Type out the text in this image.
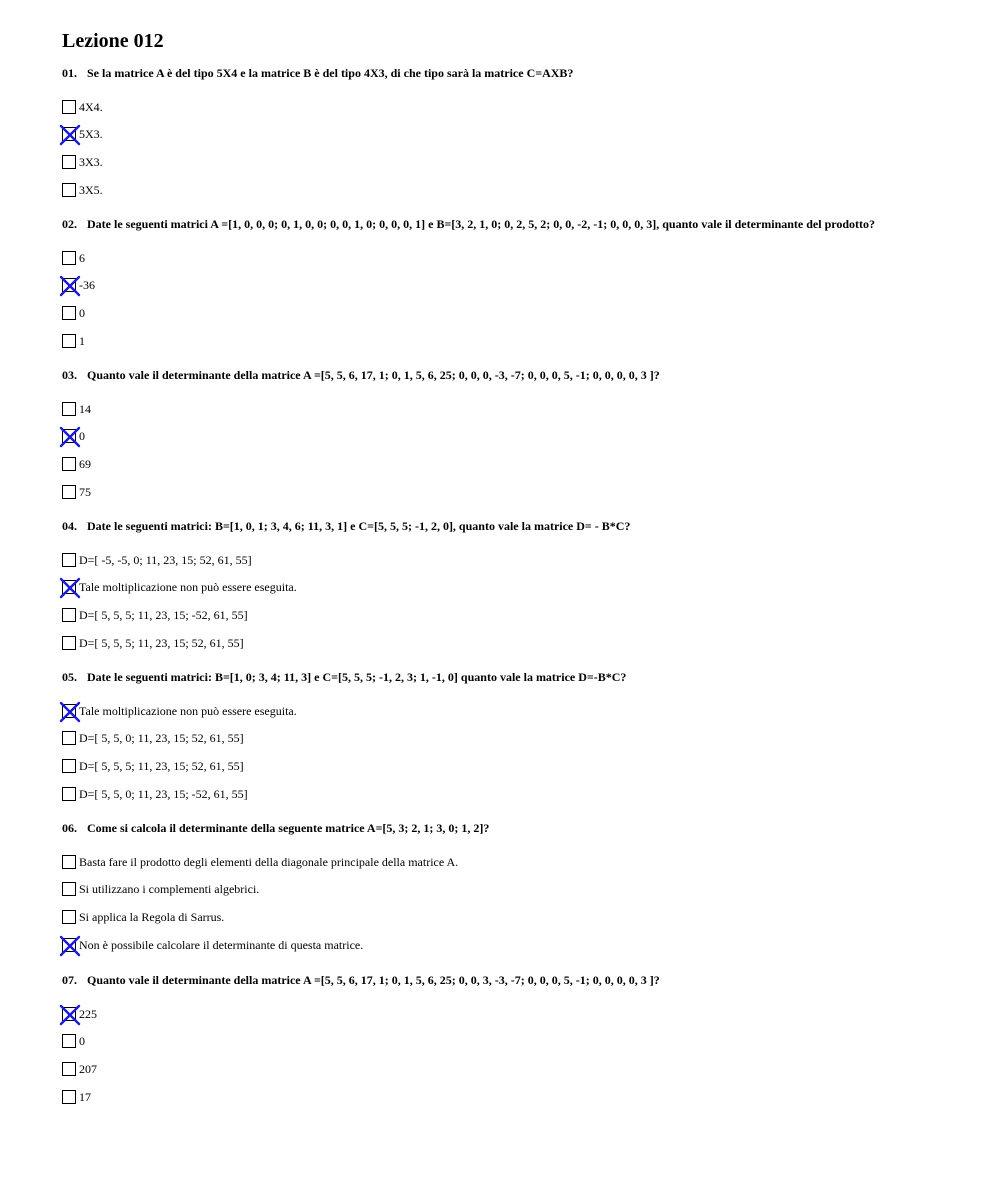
Lezione 012
01. Se la matrice A è del tipo 5X4 e la matrice B è del tipo 4X3, di che tipo sarà la matrice C=AXB?
4X4.
5X3.
3X3.
3X5.
02. Date le seguenti matrici A =[1, 0, 0, 0; 0, 1, 0, 0; 0, 0, 1, 0; 0, 0, 0, 1] e B=[3, 2, 1, 0; 0, 2, 5, 2; 0, 0, -2, -1; 0, 0, 0, 3], quanto vale il determinante del prodotto?
6
-36
0
1
03. Quanto vale il determinante della matrice A =[5, 5, 6, 17, 1; 0, 1, 5, 6, 25; 0, 0, 0, -3, -7; 0, 0, 0, 5, -1; 0, 0, 0, 0, 3 ]?
14
0
69
75
04. Date le seguenti matrici: B=[1, 0, 1; 3, 4, 6; 11, 3, 1] e C=[5, 5, 5; -1, 2, 0], quanto vale la matrice D= - B*C?
D=[ -5, -5, 0; 11, 23, 15; 52, 61, 55]
Tale moltiplicazione non può essere eseguita.
D=[ 5, 5, 5; 11, 23, 15; -52, 61, 55]
D=[ 5, 5, 5; 11, 23, 15; 52, 61, 55]
05. Date le seguenti matrici: B=[1, 0; 3, 4; 11, 3] e C=[5, 5, 5; -1, 2, 3; 1, -1, 0] quanto vale la matrice D=-B*C?
Tale moltiplicazione non può essere eseguita.
D=[ 5, 5, 0; 11, 23, 15; 52, 61, 55]
D=[ 5, 5, 5; 11, 23, 15; 52, 61, 55]
D=[ 5, 5, 0; 11, 23, 15; -52, 61, 55]
06. Come si calcola il determinante della seguente matrice A=[5, 3; 2, 1; 3, 0; 1, 2]?
Basta fare il prodotto degli elementi della diagonale principale della matrice A.
Si utilizzano i complementi algebrici.
Si applica la Regola di Sarrus.
Non è possibile calcolare il determinante di questa matrice.
07. Quanto vale il determinante della matrice A =[5, 5, 6, 17, 1; 0, 1, 5, 6, 25; 0, 0, 3, -3, -7; 0, 0, 0, 5, -1; 0, 0, 0, 0, 3 ]?
225
0
207
17
